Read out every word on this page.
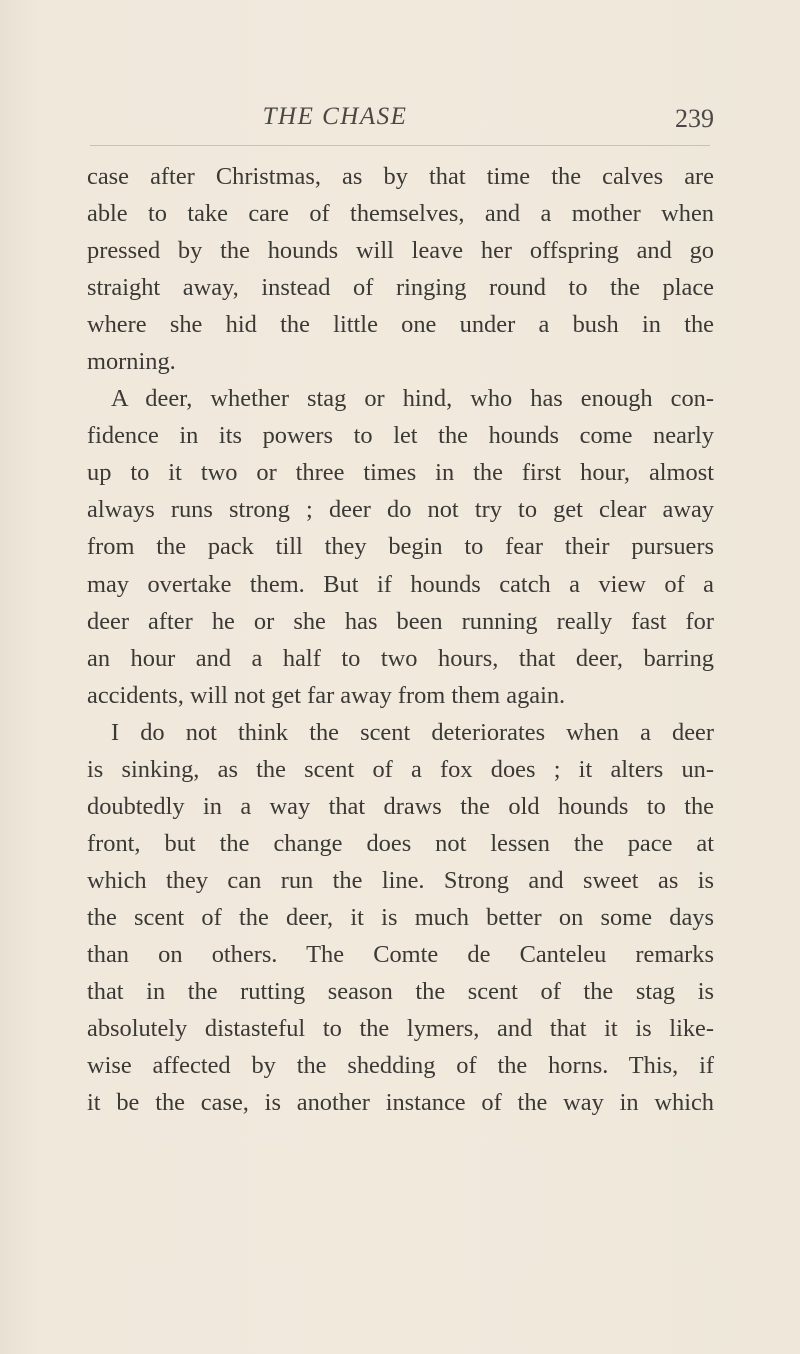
THE CHASE	239
case after Christmas, as by that time the calves are
able to take care of themselves, and a mother when
pressed by the hounds will leave her offspring and go
straight away, instead of ringing round to the place
where she hid the little one under a bush in the
morning.
A deer, whether stag or hind, who has enough con-
fidence in its powers to let the hounds come nearly
up to it two or three times in the first hour, almost
always runs strong ; deer do not try to get clear away
from the pack till they begin to fear their pursuers
may overtake them. But if hounds catch a view of a
deer after he or she has been running really fast for
an hour and a half to two hours, that deer, barring
accidents, will not get far away from them again.
I do not think the scent deteriorates when a deer
is sinking, as the scent of a fox does ; it alters un-
doubtedly in a way that draws the old hounds to the
front, but the change does not lessen the pace at
which they can run the line. Strong and sweet as is
the scent of the deer, it is much better on some days
than on others. The Comte de Canteleu remarks
that in the rutting season the scent of the stag is
absolutely distasteful to the lymers, and that it is like-
wise affected by the shedding of the horns. This, if
it be the case, is another instance of the way in which
